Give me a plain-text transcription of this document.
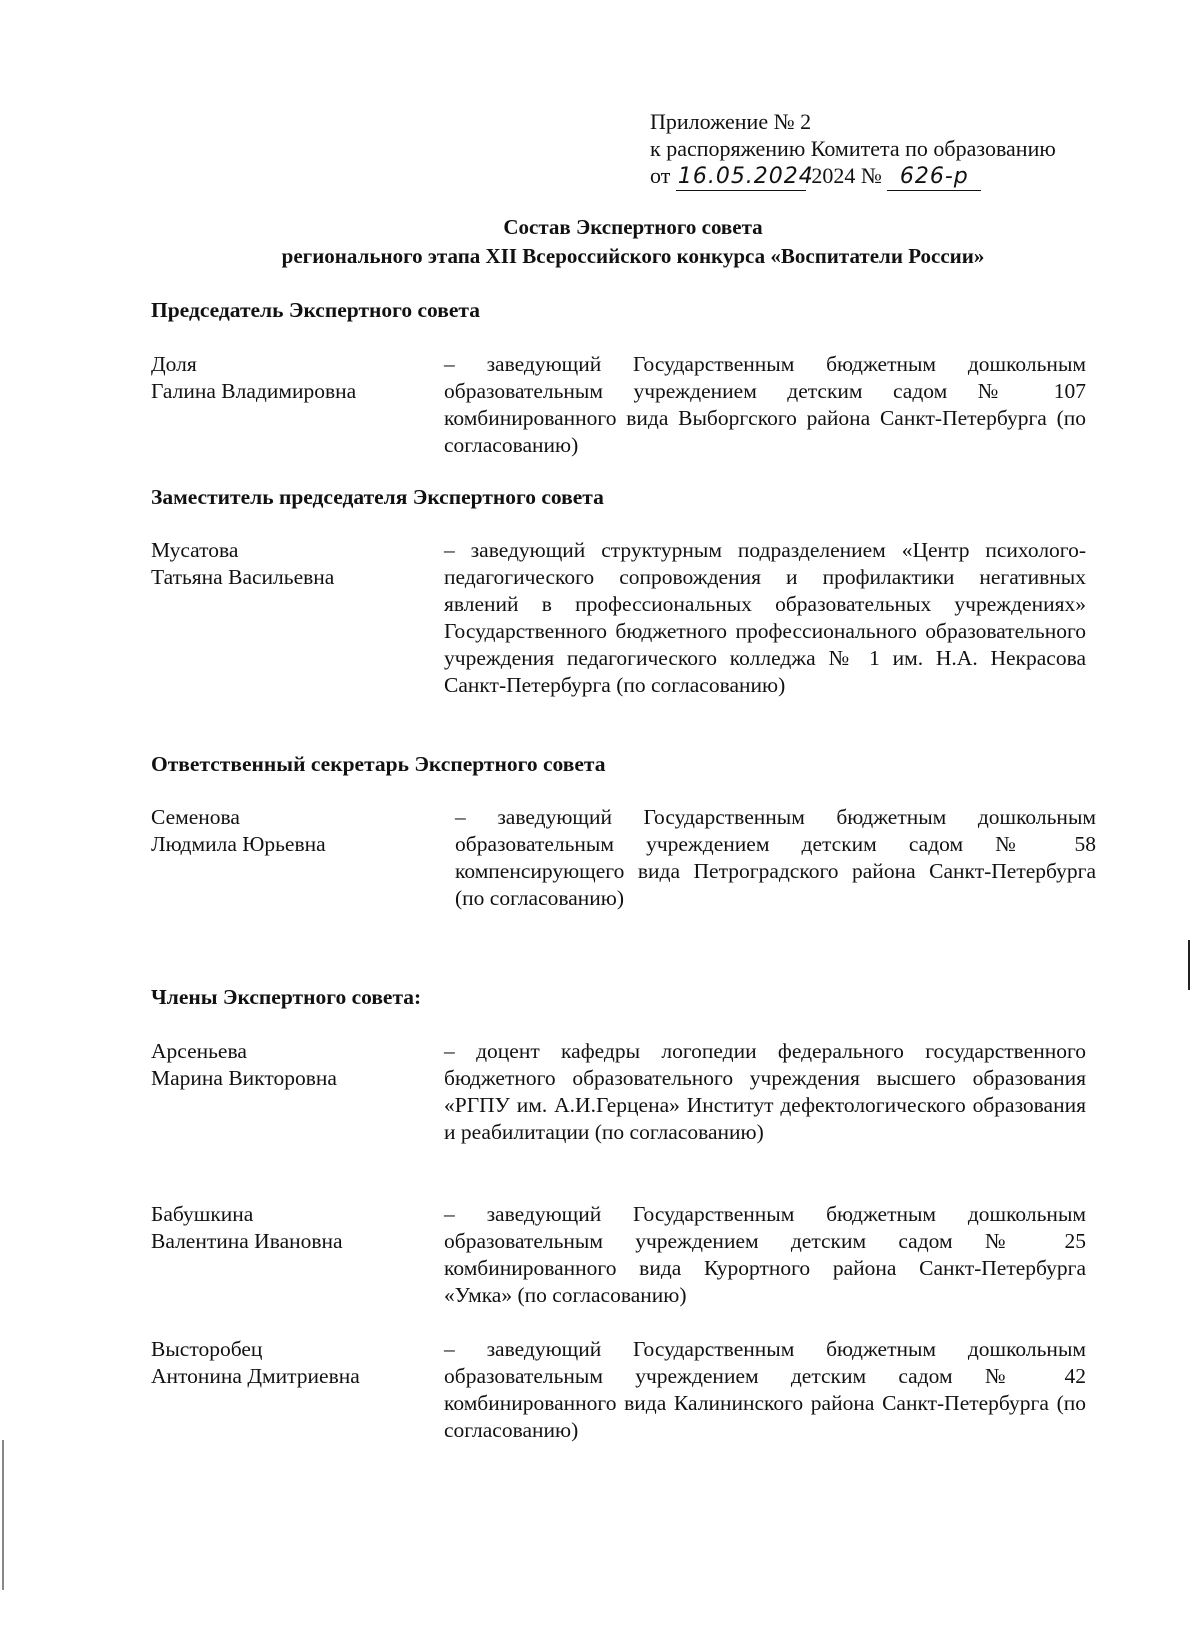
Приложение № 2
к распоряжению Комитета по образованию
от 16.05.2024 2024 № 626-р
Состав Экспертного совета
регионального этапа XII Всероссийского конкурса «Воспитатели России»
Председатель Экспертного совета
Доля
Галина Владимировна
– заведующий Государственным бюджетным дошкольным образовательным учреждением детским садом № 107 комбинированного вида Выборгского района Санкт-Петербурга (по согласованию)
Заместитель председателя Экспертного совета
Мусатова
Татьяна Васильевна
– заведующий структурным подразделением «Центр психолого-педагогического сопровождения и профилактики негативных явлений в профессиональных образовательных учреждениях» Государственного бюджетного профессионального образовательного учреждения педагогического колледжа № 1 им. Н.А. Некрасова Санкт-Петербурга (по согласованию)
Ответственный секретарь Экспертного совета
Семенова
Людмила Юрьевна
– заведующий Государственным бюджетным дошкольным образовательным учреждением детским садом № 58 компенсирующего вида Петроградского района Санкт-Петербурга (по согласованию)
Члены Экспертного совета:
Арсеньева
Марина Викторовна
– доцент кафедры логопедии федерального государственного бюджетного образовательного учреждения высшего образования «РГПУ им. А.И.Герцена» Институт дефектологического образования и реабилитации (по согласованию)
Бабушкина
Валентина Ивановна
– заведующий Государственным бюджетным дошкольным образовательным учреждением детским садом № 25 комбинированного вида Курортного района Санкт-Петербурга «Умка» (по согласованию)
Высторобец
Антонина Дмитриевна
– заведующий Государственным бюджетным дошкольным образовательным учреждением детским садом № 42 комбинированного вида Калининского района Санкт-Петербурга (по согласованию)
